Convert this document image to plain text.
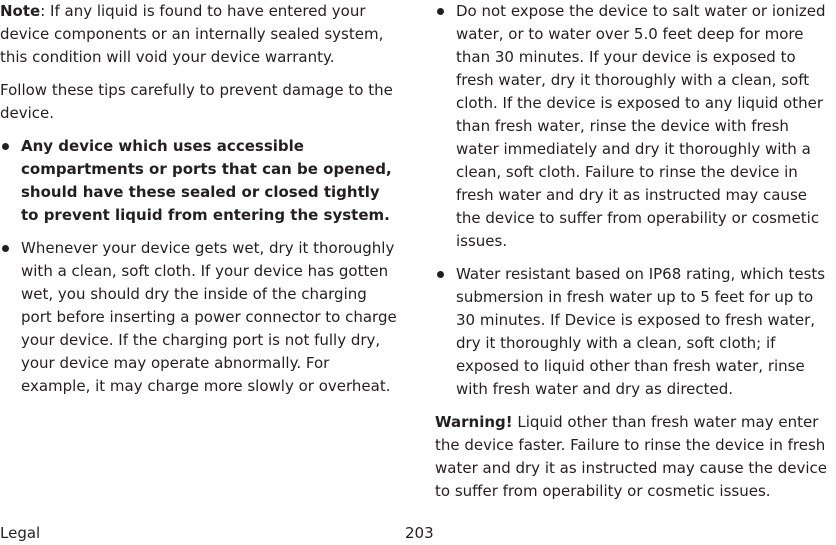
Note: If any liquid is found to have entered your device components or an internally sealed system, this condition will void your device warranty.

Follow these tips carefully to prevent damage to the device.

Any device which uses accessible compartments or ports that can be opened, should have these sealed or closed tightly to prevent liquid from entering the system.
Whenever your device gets wet, dry it thoroughly with a clean, soft cloth. If your device has gotten wet, you should dry the inside of the charging port before inserting a power connector to charge your device. If the charging port is not fully dry, your device may operate abnormally. For example, it may charge more slowly or overheat.
Do not expose the device to salt water or ionized water, or to water over 5.0 feet deep for more than 30 minutes. If your device is exposed to fresh water, dry it thoroughly with a clean, soft cloth. If the device is exposed to any liquid other than fresh water, rinse the device with fresh water immediately and dry it thoroughly with a clean, soft cloth. Failure to rinse the device in fresh water and dry it as instructed may cause the device to suffer from operability or cosmetic issues.
Water resistant based on IP68 rating, which tests submersion in fresh water up to 5 feet for up to 30 minutes. If Device is exposed to fresh water, dry it thoroughly with a clean, soft cloth; if exposed to liquid other than fresh water, rinse with fresh water and dry as directed.

Warning! Liquid other than fresh water may enter the device faster. Failure to rinse the device in fresh water and dry it as instructed may cause the device to suffer from operability or cosmetic issues.

Legal	203
